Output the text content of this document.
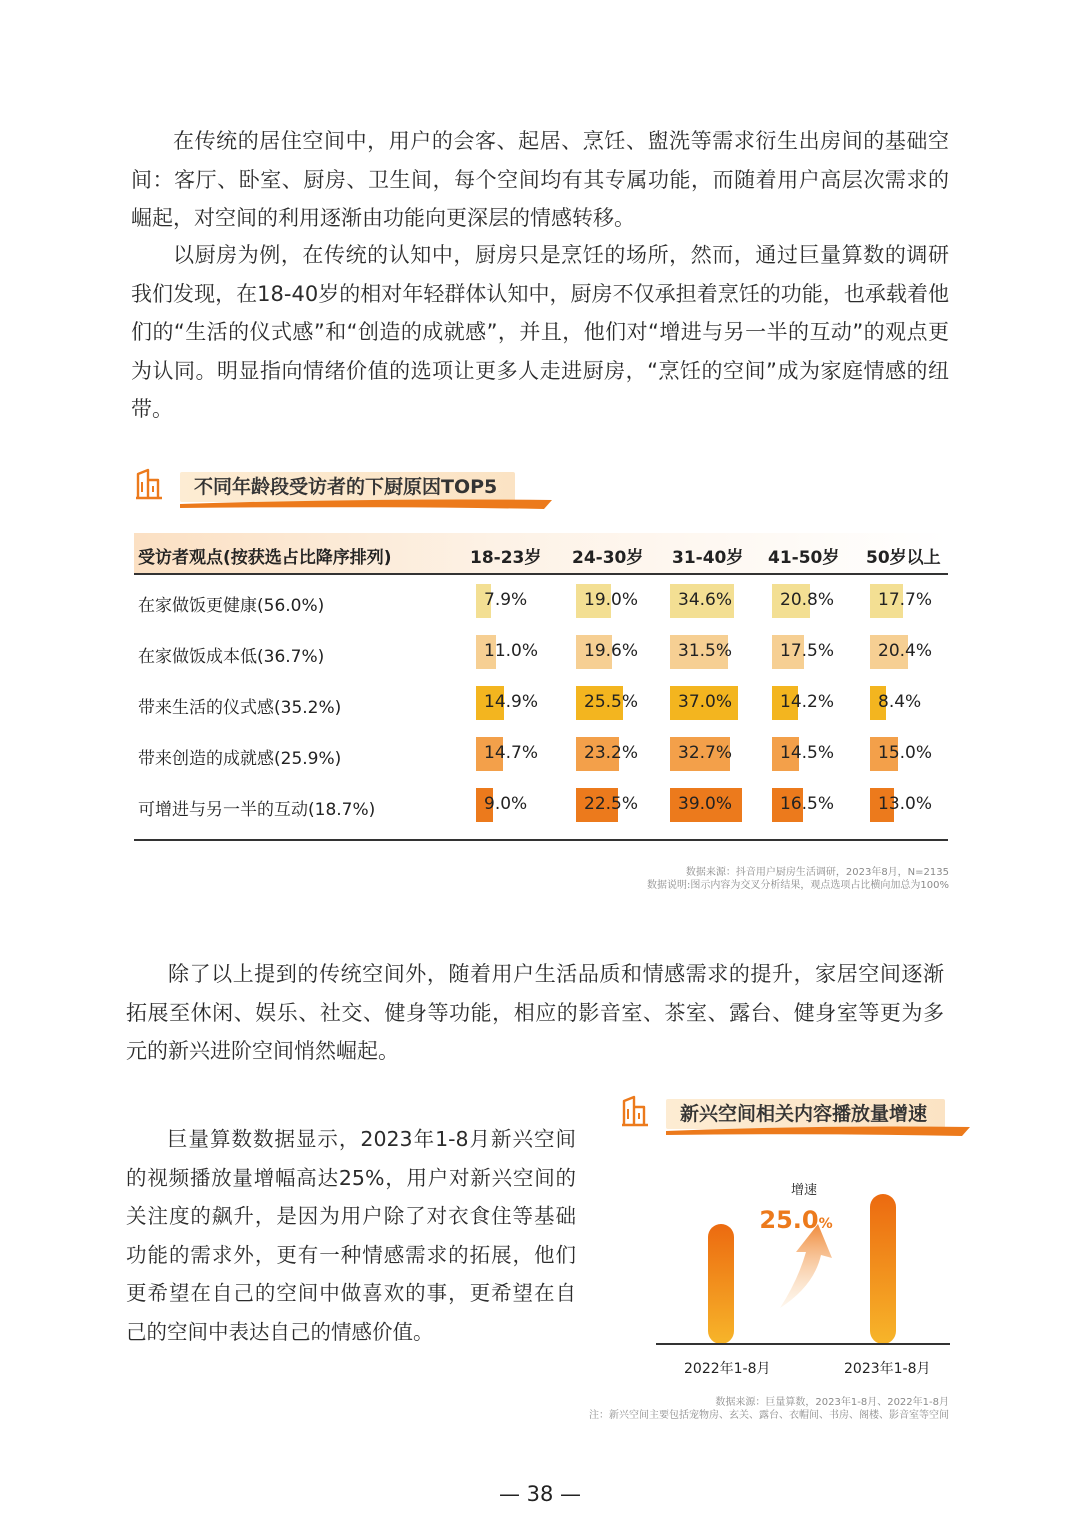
在传统的居住空间中，用户的会客、起居、烹饪、盥洗等需求衍生出房间的基础空间：客厅、卧室、厨房、卫生间，每个空间均有其专属功能，而随着用户高层次需求的崛起，对空间的利用逐渐由功能向更深层的情感转移。

以厨房为例，在传统的认知中，厨房只是烹饪的场所，然而，通过巨量算数的调研我们发现，在18-40岁的相对年轻群体认知中，厨房不仅承担着烹饪的功能，也承载着他们的“生活的仪式感”和“创造的成就感”，并且，他们对“增进与另一半的互动”的观点更为认同。明显指向情绪价值的选项让更多人走进厨房，“烹饪的空间”成为家庭情感的纽带。

不同年龄段受访者的下厨原因TOP5
受访者观点(按获选占比降序排列)	18-23岁 24-30岁 31-40岁 41-50岁 50岁以上
在家做饭更健康(56.0%)	7.9%	19.0% 34.6%	20.8%	17.7%
在家做饭成本低(36.7%)	11.0%	19.6% 31.5%	17.5%	20.4%
带来生活的仪式感(35.2%)	14.9%	25.5% 37.0%	14.2%	8.4%
带来创造的成就感(25.9%)	14.7%	23.2% 32.7%	14.5%	15.0%
可增进与另一半的互动(18.7%)	9.0%	22.5% 39.0%	16.5%	13.0%
数据来源：抖音用户厨房生活调研，2023年8月，N=2135
数据说明:图示内容为交叉分析结果，观点选项占比横向加总为100%

除了以上提到的传统空间外，随着用户生活品质和情感需求的提升，家居空间逐渐拓展至休闲、娱乐、社交、健身等功能，相应的影音室、茶室、露台、健身室等更为多元的新兴进阶空间悄然崛起。

巨量算数数据显示，2023年1-8月新兴空间的视频播放量增幅高达25%，用户对新兴空间的关注度的飙升，是因为用户除了对衣食住等基础功能的需求外，更有一种情感需求的拓展，他们更希望在自己的空间中做喜欢的事，更希望在自己的空间中表达自己的情感价值。

新兴空间相关内容播放量增速
增速
25.0%
2022年1-8月	2023年1-8月
数据来源：巨量算数，2023年1-8月、2022年1-8月
注：新兴空间主要包括宠物房、玄关、露台、衣帽间、书房、阁楼、影音室等空间
— 38 —
